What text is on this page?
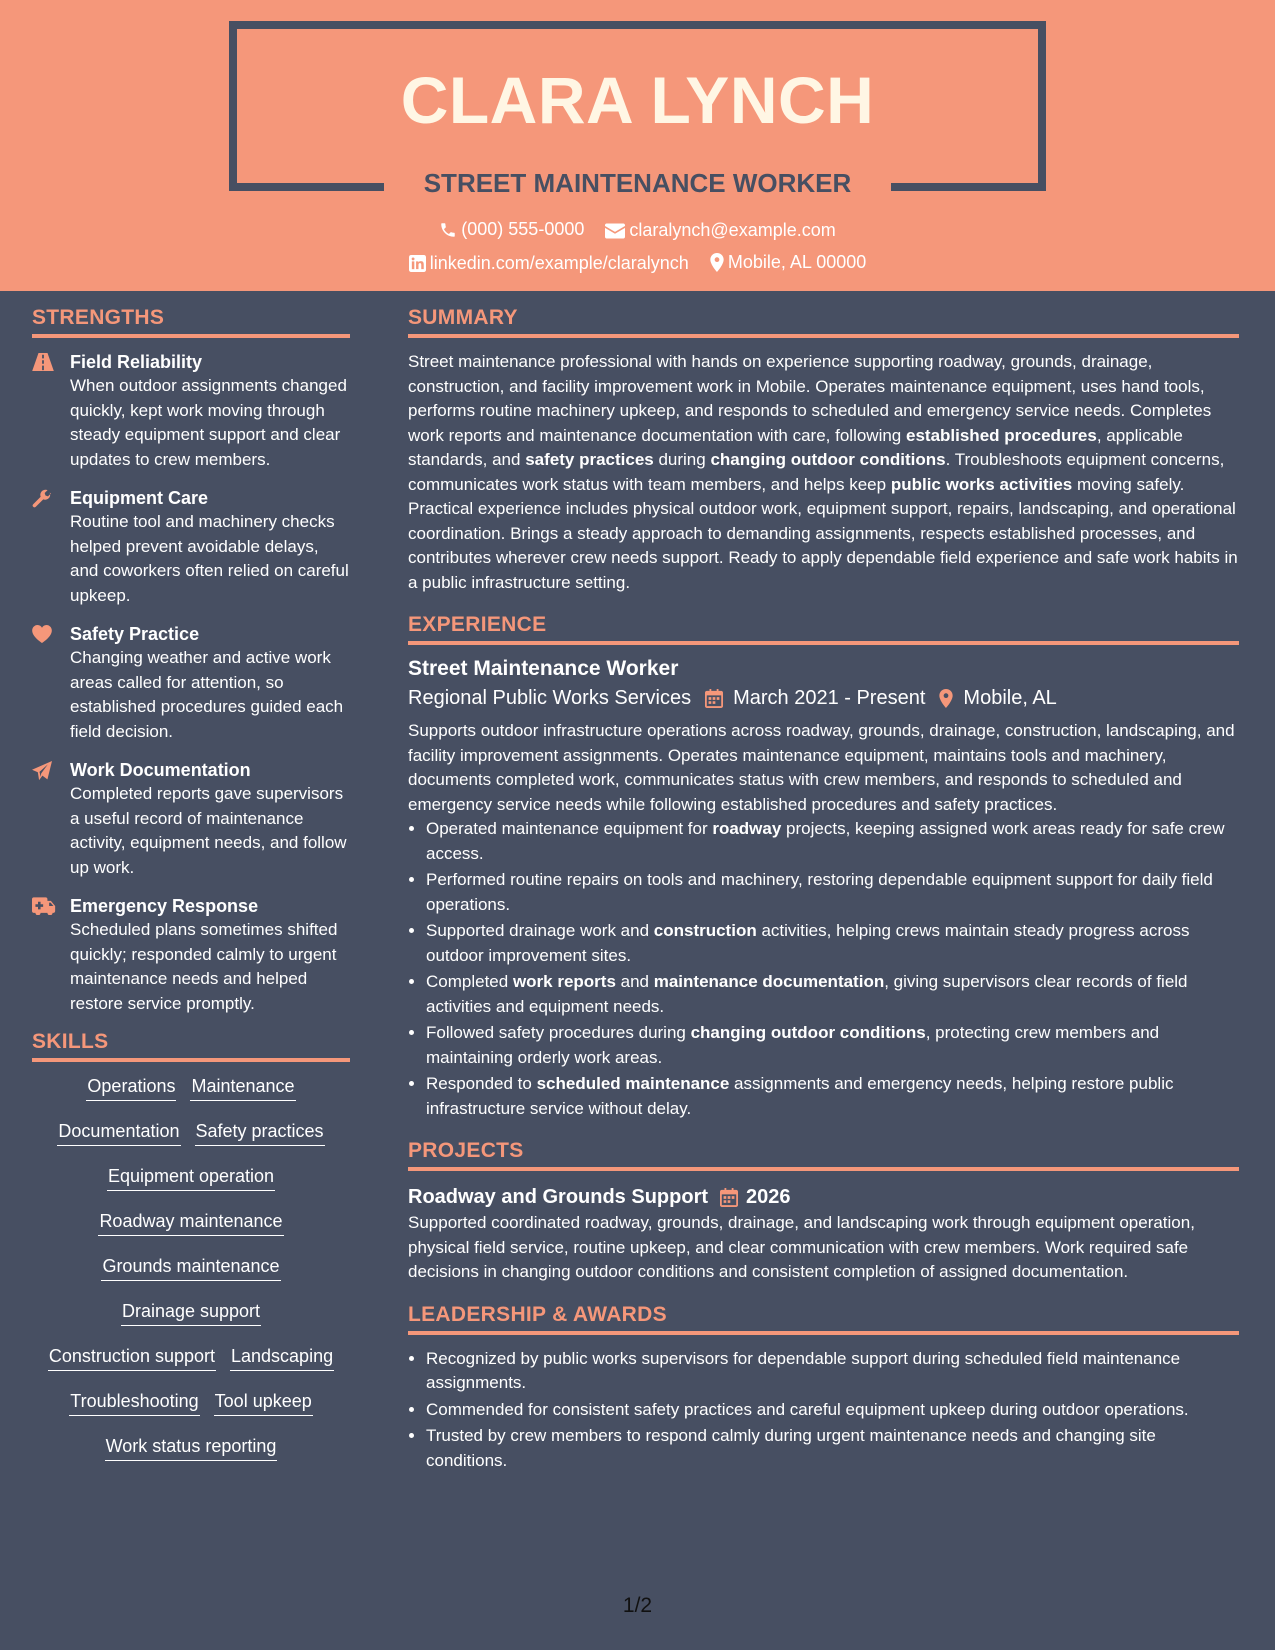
CLARA LYNCH
STREET MAINTENANCE WORKER
(000) 555-0000
	claralynch@example.com
linkedin.com/example/claralynch
Mobile, AL 00000
STRENGTHS
Field Reliability
When outdoor assignments changed quickly, kept work moving through steady equipment support and clear updates to crew members.
Equipment Care
Routine tool and machinery checks helped prevent avoidable delays, and coworkers often relied on careful upkeep.
Safety Practice
Changing weather and active work areas called for attention, so established procedures guided each field decision.
Work Documentation
Completed reports gave supervisors a useful record of maintenance activity, equipment needs, and follow up work.
Emergency Response
Scheduled plans sometimes shifted quickly; responded calmly to urgent maintenance needs and helped restore service promptly.
SKILLS
Operations Maintenance
Documentation Safety practices
Equipment operation
Roadway maintenance
Grounds maintenance
Drainage support
Construction support Landscaping
Troubleshooting Tool upkeep
Work status reporting
SUMMARY

Street maintenance professional with hands on experience supporting roadway, grounds, drainage, construction, and facility improvement work in Mobile. Operates maintenance equipment, uses hand tools, performs routine machinery upkeep, and responds to scheduled and emergency service needs. Completes work reports and maintenance documentation with care, following established procedures, applicable standards, and safety practices during changing outdoor conditions. Troubleshoots equipment concerns, communicates work status with team members, and helps keep public works activities moving safely. Practical experience includes physical outdoor work, equipment support, repairs, landscaping, and operational coordination. Brings a steady approach to demanding assignments, respects established processes, and contributes wherever crew needs support. Ready to apply dependable field experience and safe work habits in a public infrastructure setting.

EXPERIENCE
Street Maintenance Worker
Regional Public Works Services March 2021 - Present Mobile, AL

Supports outdoor infrastructure operations across roadway, grounds, drainage, construction, landscaping, and facility improvement assignments. Operates maintenance equipment, maintains tools and machinery, documents completed work, communicates status with crew members, and responds to scheduled and emergency service needs while following established procedures and safety practices.

• Operated maintenance equipment for roadway projects, keeping assigned work areas ready for safe crew access.
• Performed routine repairs on tools and machinery, restoring dependable equipment support for daily field operations.
• Supported drainage work and construction activities, helping crews maintain steady progress across outdoor improvement sites.
• Completed work reports and maintenance documentation, giving supervisors clear records of field activities and equipment needs.
• Followed safety procedures during changing outdoor conditions, protecting crew members and maintaining orderly work areas.
• Responded to scheduled maintenance assignments and emergency needs, helping restore public infrastructure service without delay.
PROJECTS
Roadway and Grounds Support 2026

Supported coordinated roadway, grounds, drainage, and landscaping work through equipment operation, physical field service, routine upkeep, and clear communication with crew members. Work required safe decisions in changing outdoor conditions and consistent completion of assigned documentation.

LEADERSHIP & AWARDS
• Recognized by public works supervisors for dependable support during scheduled field maintenance assignments.
• Commended for consistent safety practices and careful equipment upkeep during outdoor operations.
• Trusted by crew members to respond calmly during urgent maintenance needs and changing site conditions.
1/2
